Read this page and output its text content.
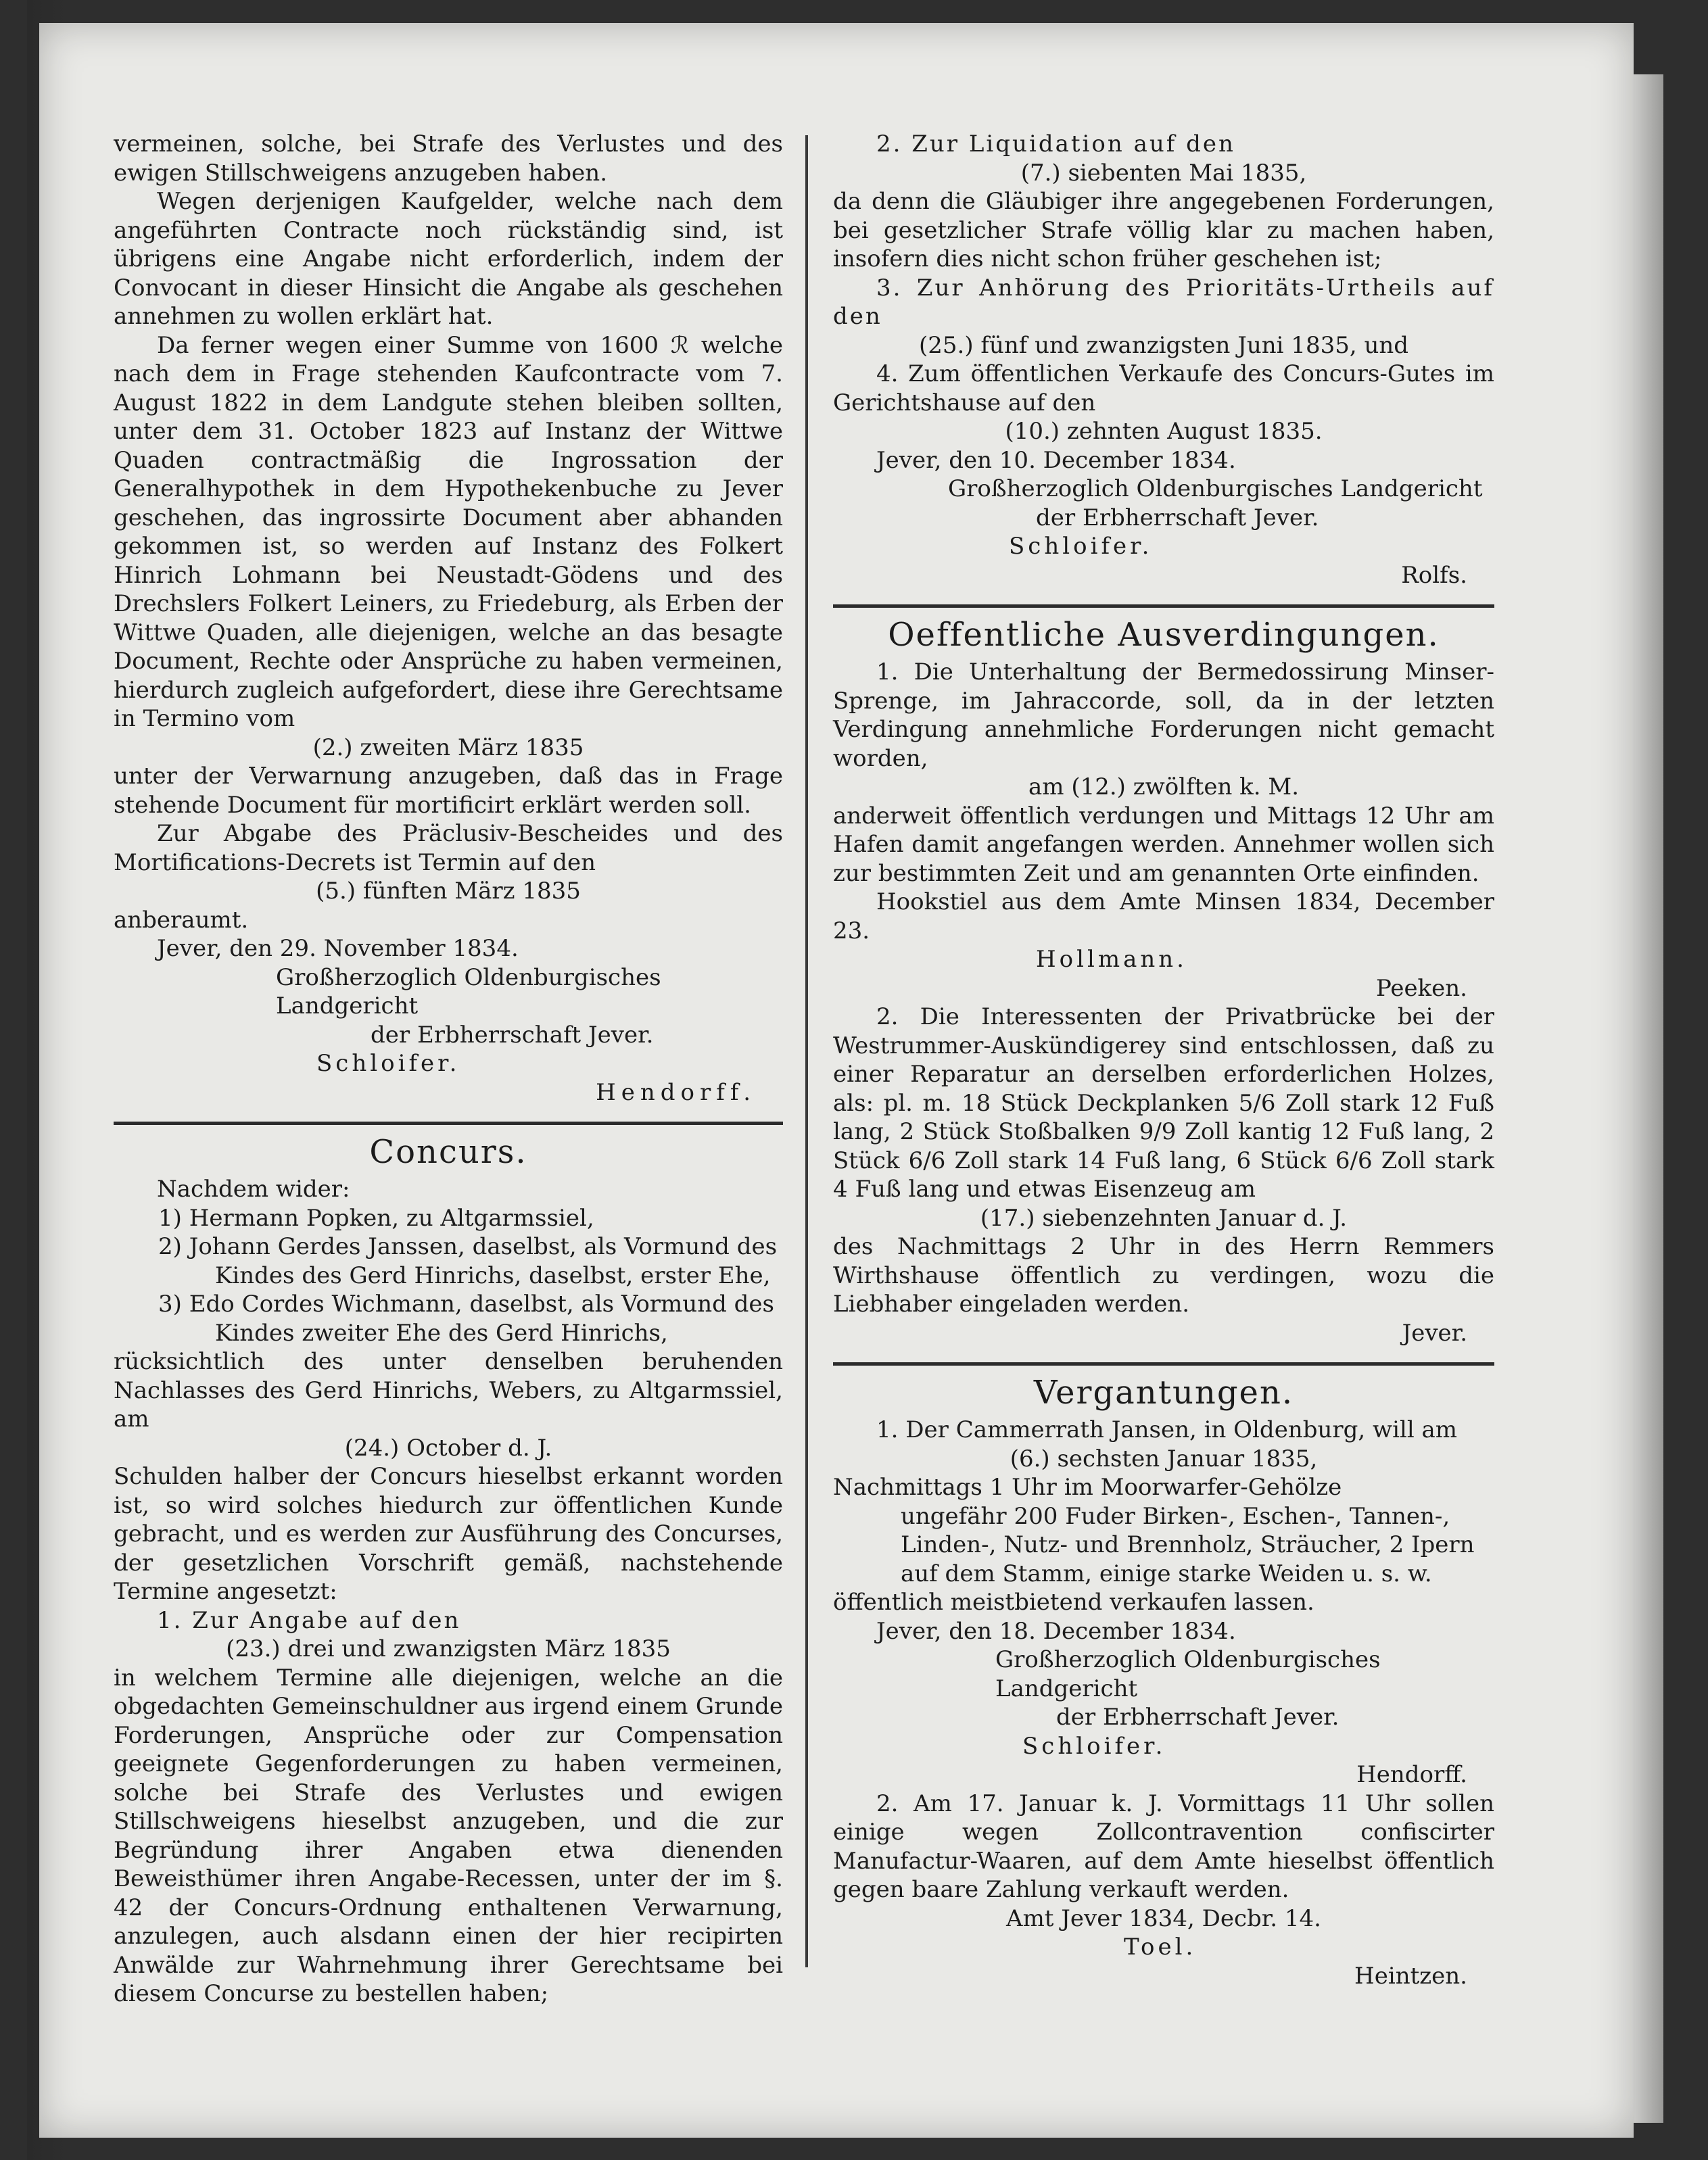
vermeinen, solche, bei Strafe des Verlustes und des ewigen Stillschweigens anzugeben haben.

Wegen derjenigen Kaufgelder, welche nach dem angeführten Contracte noch rückständig sind, ist übrigens eine Angabe nicht erforderlich, indem der Convocant in dieser Hinsicht die Angabe als geschehen annehmen zu wollen erklärt hat.

Da ferner wegen einer Summe von 1600 ℛ welche nach dem in Frage stehenden Kaufcontracte vom 7. August 1822 in dem Landgute stehen bleiben sollten, unter dem 31. October 1823 auf Instanz der Wittwe Quaden contractmäßig die Ingrossation der Generalhypothek in dem Hypothekenbuche zu Jever geschehen, das ingrossirte Document aber abhanden gekommen ist, so werden auf Instanz des Folkert Hinrich Lohmann bei Neustadt-Gödens und des Drechslers Folkert Leiners, zu Friedeburg, als Erben der Wittwe Quaden, alle diejenigen, welche an das besagte Document, Rechte oder Ansprüche zu haben vermeinen, hierdurch zugleich aufgefordert, diese ihre Gerechtsame in Termino vom

(2.) zweiten März 1835

unter der Verwarnung anzugeben, daß das in Frage stehende Document für mortificirt erklärt werden soll.

Zur Abgabe des Präclusiv-Bescheides und des Mortifications-Decrets ist Termin auf den

(5.) fünften März 1835

anberaumt.

Jever, den 29. November 1834.

Großherzoglich Oldenburgisches Landgericht

der Erbherrschaft Jever.

Schloifer.

Hendorff.

Concurs.

Nachdem wider:

1) Hermann Popken, zu Altgarmssiel,

2) Johann Gerdes Janssen, daselbst, als Vormund des Kindes des Gerd Hinrichs, daselbst, erster Ehe,

3) Edo Cordes Wichmann, daselbst, als Vormund des Kindes zweiter Ehe des Gerd Hinrichs,

rücksichtlich des unter denselben beruhenden Nachlasses des Gerd Hinrichs, Webers, zu Altgarmssiel, am

(24.) October d. J.

Schulden halber der Concurs hieselbst erkannt worden ist, so wird solches hiedurch zur öffentlichen Kunde gebracht, und es werden zur Ausführung des Concurses, der gesetzlichen Vorschrift gemäß, nachstehende Termine angesetzt:

1. Zur Angabe auf den

(23.) drei und zwanzigsten März 1835

in welchem Termine alle diejenigen, welche an die obgedachten Gemeinschuldner aus irgend einem Grunde Forderungen, Ansprüche oder zur Compensation geeignete Gegenforderungen zu haben vermeinen, solche bei Strafe des Verlustes und ewigen Stillschweigens hieselbst anzugeben, und die zur Begründung ihrer Angaben etwa dienenden Beweisthümer ihren Angabe-Recessen, unter der im §. 42 der Concurs-Ordnung enthaltenen Verwarnung, anzulegen, auch alsdann einen der hier recipirten Anwälde zur Wahrnehmung ihrer Gerechtsame bei diesem Concurse zu bestellen haben;

2. Zur Liquidation auf den

(7.) siebenten Mai 1835,

da denn die Gläubiger ihre angegebenen Forderungen, bei gesetzlicher Strafe völlig klar zu machen haben, insofern dies nicht schon früher geschehen ist;

3. Zur Anhörung des Prioritäts-Urtheils auf den

(25.) fünf und zwanzigsten Juni 1835, und

4. Zum öffentlichen Verkaufe des Concurs-Gutes im Gerichtshause auf den

(10.) zehnten August 1835.

Jever, den 10. December 1834.

Großherzoglich Oldenburgisches Landgericht

der Erbherrschaft Jever.

Schloifer.

Rolfs.

Oeffentliche Ausverdingungen.

1. Die Unterhaltung der Bermedossirung Minser-Sprenge, im Jahraccorde, soll, da in der letzten Verdingung annehmliche Forderungen nicht gemacht worden,

am (12.) zwölften k. M.

anderweit öffentlich verdungen und Mittags 12 Uhr am Hafen damit angefangen werden. Annehmer wollen sich zur bestimmten Zeit und am genannten Orte einfinden.

Hookstiel aus dem Amte Minsen 1834, December 23.

Hollmann.

Peeken.

2. Die Interessenten der Privatbrücke bei der Westrummer-Auskündigerey sind entschlossen, daß zu einer Reparatur an derselben erforderlichen Holzes, als: pl. m. 18 Stück Deckplanken 5/6 Zoll stark 12 Fuß lang, 2 Stück Stoßbalken 9/9 Zoll kantig 12 Fuß lang, 2 Stück 6/6 Zoll stark 14 Fuß lang, 6 Stück 6/6 Zoll stark 4 Fuß lang und etwas Eisenzeug am

(17.) siebenzehnten Januar d. J.

des Nachmittags 2 Uhr in des Herrn Remmers Wirthshause öffentlich zu verdingen, wozu die Liebhaber eingeladen werden.

Jever.

Vergantungen.

1. Der Cammerrath Jansen, in Oldenburg, will am

(6.) sechsten Januar 1835,

Nachmittags 1 Uhr im Moorwarfer-Gehölze

ungefähr 200 Fuder Birken-, Eschen-, Tannen-, Linden-, Nutz- und Brennholz, Sträucher, 2 Ipern auf dem Stamm, einige starke Weiden u. s. w.

öffentlich meistbietend verkaufen lassen.

Jever, den 18. December 1834.

Großherzoglich Oldenburgisches Landgericht

der Erbherrschaft Jever.

Schloifer.

Hendorff.

2. Am 17. Januar k. J. Vormittags 11 Uhr sollen einige wegen Zollcontravention confiscirter Manufactur-Waaren, auf dem Amte hieselbst öffentlich gegen baare Zahlung verkauft werden.

Amt Jever 1834, Decbr. 14.

Toel.

Heintzen.
